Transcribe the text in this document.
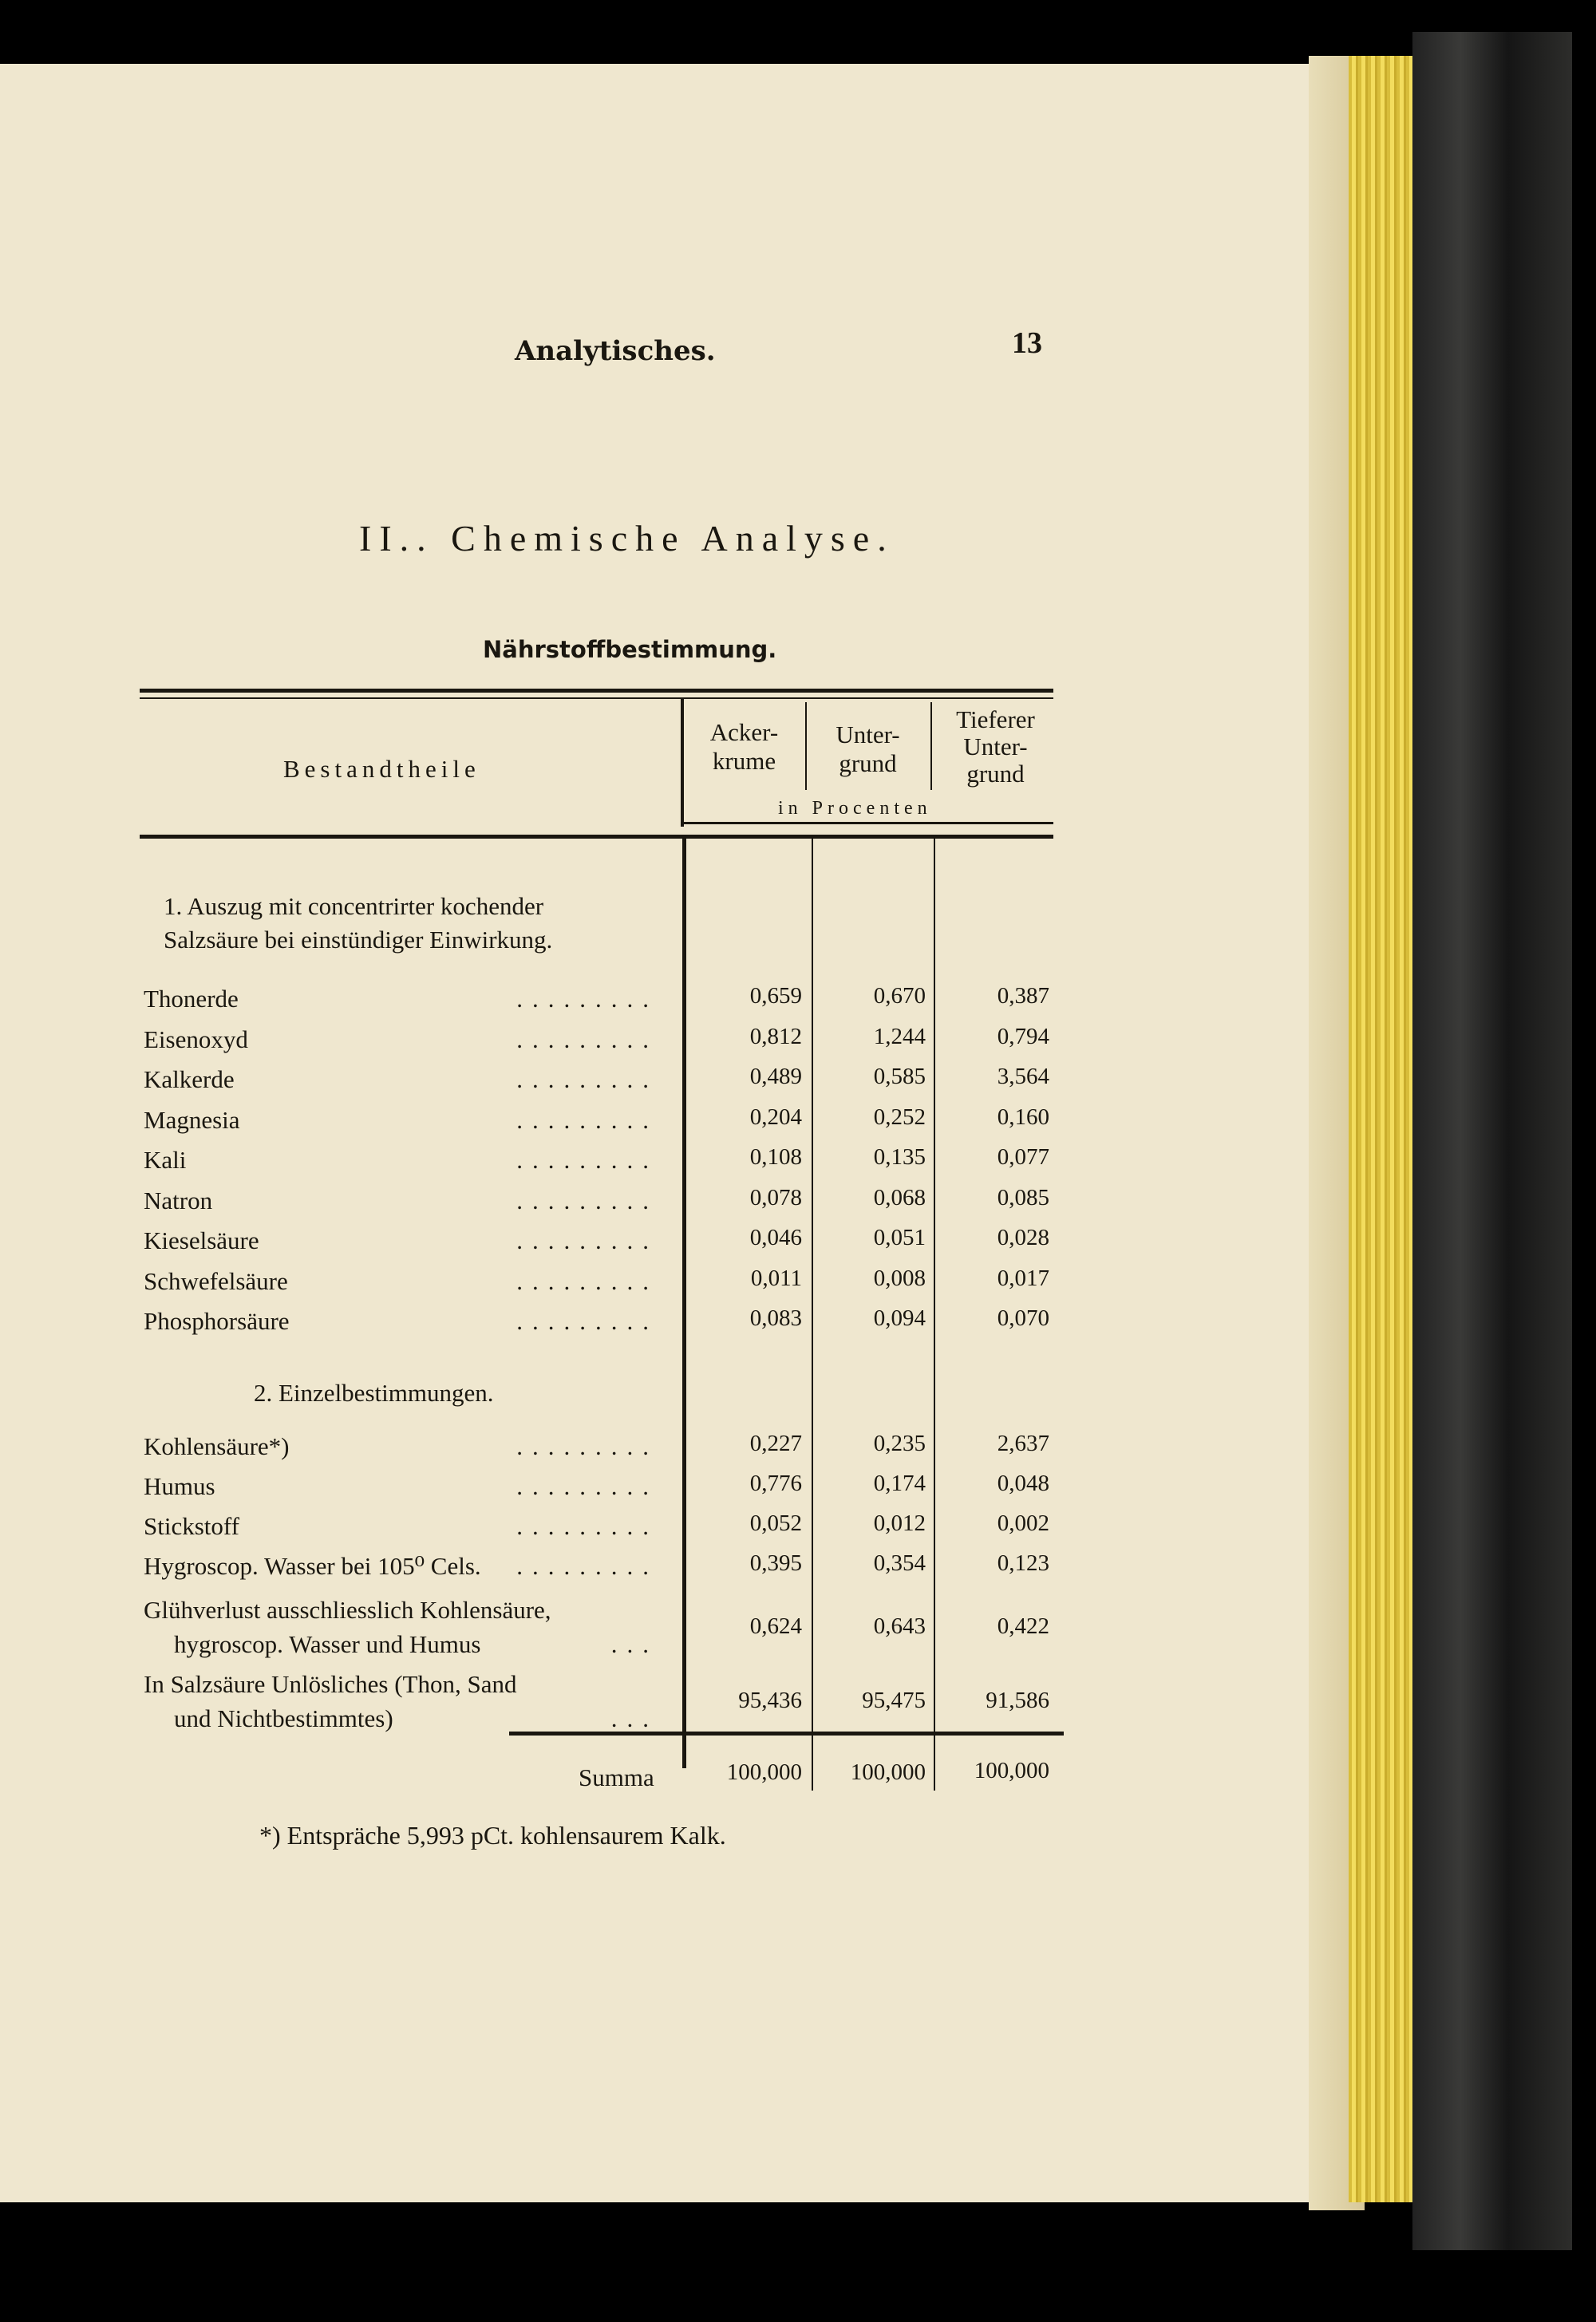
Analytisches.	13
II.. Chemische Analyse.
Nährstoffbestimmung.
Bestandtheile
Acker-
krume
Unter-
grund
Tieferer
Unter-
grund
in Procenten
1. Auszug mit concentrirter kochender
Salzsäure bei einstündiger Einwirkung.
Thonerde	.........	0,659	0,670	0,387
Eisenoxyd	.........	0,812	1,244	0,794
Kalkerde	.........	0,489	0,585	3,564
Magnesia	.........	0,204	0,252	0,160
Kali	.........	0,108	0,135	0,077
Natron	.........	0,078	0,068	0,085
Kieselsäure	.........	0,046	0,051	0,028
Schwefelsäure	.........	0,011	0,008	0,017
Phosphorsäure	.........	0,083	0,094	0,070
2. Einzelbestimmungen.
Kohlensäure*)	.........	0,227	0,235	2,637
Humus	.........	0,776	0,174	0,048
Stickstoff	.........	0,052	0,012	0,002
Hygroscop. Wasser bei 105⁰ Cels. .........	0,395	0,354	0,123
Glühverlust ausschliesslich Kohlensäure,
hygroscop. Wasser und Humus	...
0,624	0,643	0,422
In Salzsäure Unlösliches (Thon, Sand
und Nichtbestimmtes)	...
95,436	95,475	91,586
Summa	100,000	100,000	100,000
*) Entspräche 5,993 pCt. kohlensaurem Kalk.
